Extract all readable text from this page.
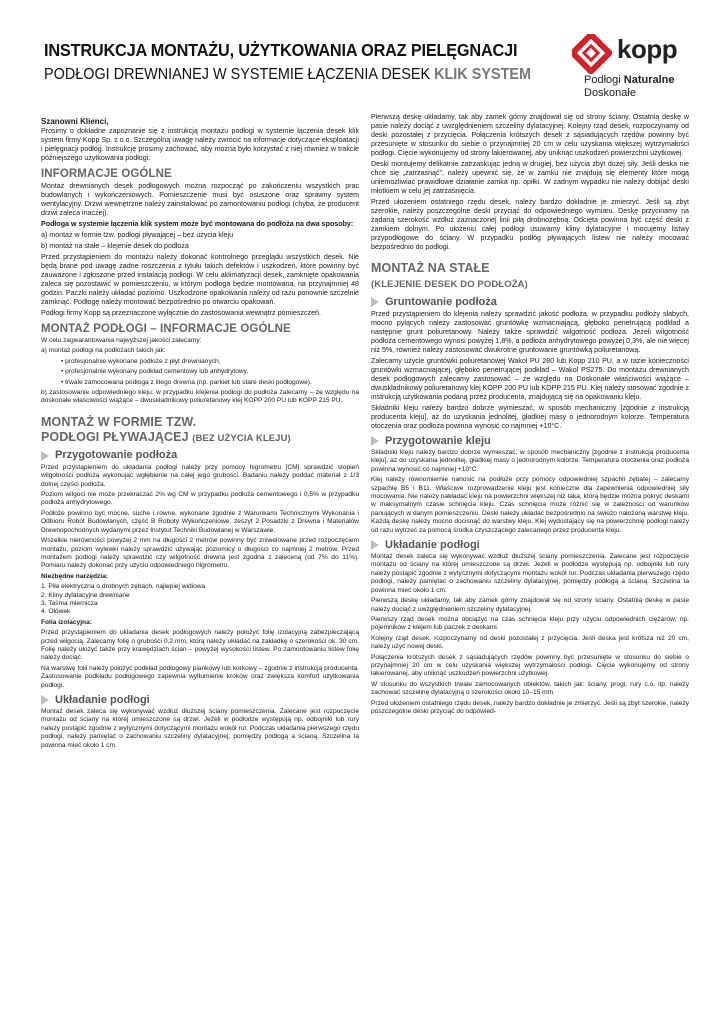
INSTRUKCJA MONTAŻU, UŻYTKOWANIA ORAZ PIELĘGNACJI
PODŁOGI DREWNIANEJ W SYSTEMIE ŁĄCZENIA DESEK KLIK SYSTEM
kopp
Podłogi Naturalne
Doskonałe
Szanowni Klienci,

Prosimy o dokładne zapoznanie się z instrukcją montażu podłogi w systemie łączenia desek klik system firmy Kopp Sp. z o.o. Szczególną uwagę należy zwrócić na informacje dotyczące eksploatacji i pielęgnacji podłóg. Instrukcję prosimy zachować, aby można było korzystać z niej również w trakcie późniejszego użytkowania podłogi.

INFORMACJE OGÓLNE

Montaż drewnianych desek podłogowych można rozpocząć po zakończeniu wszystkich prac budowlanych i wykończeniowych. Pomieszczenie musi być osuszone oraz sprawny system wentylacyjny. Drzwi wewnętrzne należy zainstalować po zamontowaniu podłogi (chyba, że producent drzwi zaleca inaczej).

Podłoga w systemie łączenia klik system może być montowana do podłoża na dwa sposoby:

a) montaż w formie tzw. podłogi pływającej – bez użycia kleju

b) montaż na stałe – klejenie desek do podłoża

Przed przystąpieniem do montażu należy dokonać kontrolnego przeglądu wszystkich desek. Nie będą brane pod uwagę żadne roszczenia z tytułu takich defektów i uszkodzeń, które powinny być zauważone i zgłoszone przed instalacją podłogi. W celu aklimatyzacji desek, zamknięte opakowania zaleca się pozostawić w pomieszczeniu, w którym podłoga będzie montowana, na przynajmniej 48 godzin. Paczki należy układać poziomo. Uszkodzone opakowania należy od razu ponownie szczelnie zamknąć. Podłogę należy montować bezpośrednio po otwarciu opakowań.

Podłogi firmy Kopp są przeznaczone wyłącznie do zastosowania wewnątrz pomieszczeń.

MONTAŻ PODŁOGI – INFORMACJE OGÓLNE

W celu zagwarantowania najwyższej jakości zalecamy:

a) montaż podłogi na podłożach takich jak:

• profesjonalnie wykonane podłoże z płyt drewnianych,

• profesjonalnie wykonany podkład cementowy lub anhydrytowy,

• trwale zamocowana podłoga z litego drewna (np. parkiet lub stare deski podłogowe).

b) zastosowanie odpowiedniego kleju: w przypadku klejenia podłogi do podłoża zalecamy – ze względu na doskonałe właściwości wiążące – dwuskładnikowy poliuretanowy klej KOPP 200 PU lub KOPP 215 PU.

MONTAŻ W FORMIE TZW.
PODŁOGI PŁYWAJĄCEJ (BEZ UŻYCIA KLEJU)
Przygotowanie podłoża

Przed przystąpieniem do układania podłogi należy przy pomocy higrometru [CM] sprawdzić stopień wilgotności podłoża wykonując wgłębienie na całej jego grubości. Badaniu należy poddać materiał z 1/3 dolnej części podłoża.

Poziom wilgoci nie może przekraczać 2% wg CM w przypadku podłoża cementowego i 0,5% w przypadku podłoża anhydrytowego.

Podłoże powinno być mocne, suche i równe, wykonane zgodnie z Warunkami Technicznymi Wykonania i Odbioru Robót Budowlanych, część B Roboty Wykończeniowe, zeszyt 2 Posadzki z Drewna i Materiałów Drewnopochodnych wydanymi przez Instytut Techniki Budowlanej w Warszawie.

Wszelkie nierówności powyżej 2 mm na długości 2 metrów powinny być zniwelowane przed rozpoczęciem montażu, poziom wylewki należy sprawdzić używając poziomicy o długości co najmniej 2 metrów. Przed montażem podłogi należy sprawdzić czy wilgotność drewna jest zgodna z zaleceną (od 7% do 11%). Pomiaru należy dokonać przy użyciu odpowiedniego higrometru.

Niezbędne narzędzia:

1. Piła elektryczna o drobnych zębach, najlepiej widiowa

2. Kliny dylatacyjne drewniane

3. Taśma miernicza

4. Ołówek

Folia izolacyjna:

Przed przystąpieniem do układania desek podłogowych należy położyć folię izolacyjną zabezpieczającą przed wilgocią. Zalecamy folię o grubości 0,2 mm, którą należy układać na zakładkę o szerokości ok. 30 cm. Folię należy ułożyć także przy krawędziach ścian – powyżej wysokości listew. Po zamontowaniu listew folię należy dociąć.

Na warstwę folii należy położyć podkład podłogowy piankowy lub korkowy – zgodnie z instrukcją producenta. Zastosowanie podkładu podłogowego zapewnia wytłumienie kroków oraz zwiększa komfort użytkowania podłogi.

Układanie podłogi

Montaż desek zaleca się wykonywać wzdłuż dłuższej ściany pomieszczenia. Zalecane jest rozpoczęcie montażu od ściany na której umieszczone są drzwi. Jeżeli w podłodze występują np. odbojniki lub rury należy postąpić zgodnie z wytycznymi dotyczącymi montażu wokół rur. Podczas układania pierwszego rzędu podłogi, należy pamiętać o zachowaniu szczeliny dylatacyjnej, pomiędzy podłogą a ścianą. Szczelina ta powinna mieć około 1 cm.

Pierwszą deskę układamy, tak aby zamek górny znajdował się od strony ściany. Ostatnią deskę w pasie należy dociąć z uwzględnieniem szczeliny dylatacyjnej. Kolejny rząd desek, rozpoczynamy od deski pozostałej z przycięcia. Połączenia krótszych desek z sąsiadujących rzędów powinny być przesunięte w stosunku do siebie o przynajmniej 20 cm w celu uzyskania większej wytrzymałości podłogi. Cięcie wykonujemy od strony lakierowanej, aby uniknąć uszkodzeń powierzchni użytkowej.

Deski montujemy delikatnie zatrzaskując jedną w drugiej, bez użycia zbyt dużej siły. Jeśli deska nie chce się „zatrzasnąć”, należy upewnić się, że w zamku nie znajdują się elementy które mogą uniemożliwiać prawidłowe działanie zamka np. opiłki. W żadnym wypadku nie należy dobijać deski młotkiem w celu jej zatrzaśnięcia.

Przed ułożeniem ostatniego rzędu desek, należy bardzo dokładnie je zmierzyć. Jeśli są zbyt szerokie, należy poszczególne deski przyciąć do odpowiedniego wymiaru. Deskę przycinamy na żądaną szerokość wzdłuż zaznaczonej linii piłą drobnozębną. Odcięta powinna być część deski z zamkiem dolnym. Po ułożeniu całej podłogi usuwamy kliny dylatacyjne i mocujemy listwy przypodłogowe do ściany. W przypadku podłóg pływających listew nie należy mocować bezpośrednio do podłogi.

MONTAŻ NA STAŁE
(KLEJENIE DESEK DO PODŁOŻA)
Gruntowanie podłoża

Przed przystąpieniem do klejenia należy sprawdzić jakość podłoża, w przypadku podłoży słabych, mocno pylących należy zastosować gruntówkę wzmacniającą, głęboko penetrującą podkład a następnie grunt poliuretanowy. Należy także sprawdzić wilgotność podłoża. Jeżeli wilgotność podłoża cementowego wynosi powyżej 1,8%, a podłoża anhydrytowego powyżej 0,3%, ale nie więcej niż 5%, również należy zastosować dwukrotne gruntowanie gruntówką poliuretanową.

Zalecamy użycie gruntówki poliuretanowej Wakol PU 280 lub Kopp 210 PU, a w razie konieczności gruntówki wzmacniającej, głęboko penetrującej podkład – Wakol PS275. Do montażu drewnianych desek podłogowych zalecamy zastosować – ze względu na Doskonałe właściwości wiążące – dwuskładnikowy poliuretanowy klej KOPP 200 PU lub KOPP 215 PU. Klej należy stosować zgodnie z instrukcją użytkowania podaną przez producenta, znajdującą się na opakowaniu kleju.

Składniki kleju należy bardzo dobrze wymieszać, w sposób mechaniczny [zgodnie z instrukcją producenta kleju], aż do uzyskania jednolitej, gładkiej masy o jednorodnym kolorze. Temperatura otoczenia oraz podłoża powinna wynosić co najmniej +10°C.

Przygotowanie kleju

Składniki kleju należy bardzo dobrze wymieszać, w sposób mechaniczny [zgodnie z instrukcją producenta kleju], aż do uzyskania jednolitej, gładkiej masy o jednorodnym kolorze. Temperatura otoczenia oraz podłoża powinna wynosić co najmniej +10°C.

Klej należy równomiernie nanosić na podłoże przy pomocy odpowiedniej szpachli zębatej – zalecamy szpachlę B5 i B11. Właściwe rozprowadzenie kleju jest konieczne dla zapewnienia odpowiedniej siły mocowania. Nie należy nakładać kleju na powierzchni większej niż taka, którą będzie można pokryć deskami w maksymalnym czasie schnięcia kleju. Czas schnięcia może różnić się w zależności od warunków panujących w danym pomieszczeniu. Deski należy układać bezpośrednio na świeżo nałożoną warstwę kleju. Każdą deskę należy mocno docisnąć do warstwy kleju. Klej wydostający się na powierzchnię podłogi należy od razu wytrzeć za pomocą środka czyszczącego zalecanego przez producenta kleju.

Układanie podłogi

Montaż desek zaleca się wykonywać wzdłuż dłuższej ściany pomieszczenia. Zalecane jest rozpoczęcie montażu od ściany na której umieszczone są drzwi. Jeżeli w podłodze występują np. odbojniki lub rury należy postąpić zgodnie z wytycznymi dotyczącymi montażu wokół rur. Podczas układania pierwszego rzędu podłogi, należy pamiętać o zachowaniu szczeliny dylatacyjnej, pomiędzy podłogą a ścianą. Szczelina ta powinna mieć około 1 cm.

Pierwszą deskę układamy, tak aby zamek górny znajdował się od strony ściany. Ostatnią deskę w pasie należy dociąć z uwzględnieniem szczeliny dylatacyjnej.

Pierwszy rząd desek można obciążyć na czas schnięcia kleju przy użyciu odpowiednich ciężarów, np. pojemników z klejem lub paczek z deskami.

Kolejny rząd desek, rozpoczynamy od deski pozostałej z przycięcia. Jeśli deska jest krótsza niż 20 cm, należy użyć nowej deski.

Połączenia krótszych desek z sąsiadujących rzędów powinny być przesunięte w stosunku do siebie o przynajmniej 20 cm w celu uzyskania większej wytrzymałości podłogi. Cięcie wykonujemy od strony lakierowanej, aby uniknąć uszkodzeń powierzchni użytkowej.

W stosunku do wszystkich trwale zamocowanych obiektów, takich jak: ściany, progi, rury c.o. itp. należy zachować szczelinę dylatacyjną o szerokości około 10–15 mm.

Przed ułożeniem ostatniego rzędu desek, należy bardzo dokładnie je zmierzyć. Jeśli są zbyt szerokie, należy poszczególne deski przyciąć do odpowied-
